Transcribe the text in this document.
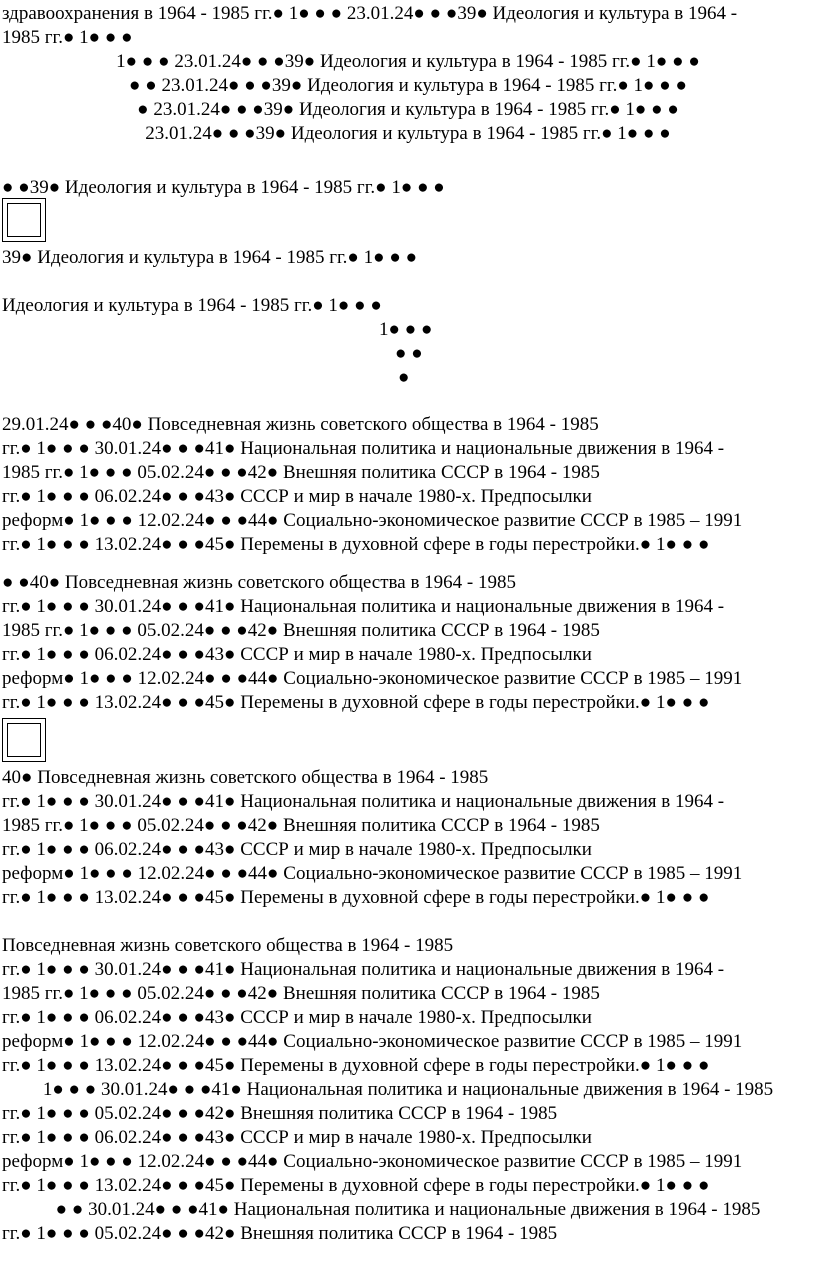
здравоохранения в 1964 - 1985 гг.● 1● ● ● 23.01.24● ● ●39● Идеология и культура в 1964 -
1985 гг.● 1● ● ●
1● ● ● 23.01.24● ● ●39● Идеология и культура в 1964 - 1985 гг.● 1● ● ●
● ● 23.01.24● ● ●39● Идеология и культура в 1964 - 1985 гг.● 1● ● ●
● 23.01.24● ● ●39● Идеология и культура в 1964 - 1985 гг.● 1● ● ●
23.01.24● ● ●39● Идеология и культура в 1964 - 1985 гг.● 1● ● ●
● ●39● Идеология и культура в 1964 - 1985 гг.● 1● ● ●
39● Идеология и культура в 1964 - 1985 гг.● 1● ● ●
Идеология и культура в 1964 - 1985 гг.● 1● ● ●
1● ● ●
● ●
●
29.01.24● ● ●40● Повседневная жизнь советского общества в 1964 - 1985
гг.● 1● ● ● 30.01.24● ● ●41● Национальная политика и национальные движения в 1964 -
1985 гг.● 1● ● ● 05.02.24● ● ●42● Внешняя политика СССР в 1964 - 1985
гг.● 1● ● ● 06.02.24● ● ●43● СССР и мир в начале 1980-х. Предпосылки
реформ● 1● ● ● 12.02.24● ● ●44● Социально-экономическое развитие СССР в 1985 – 1991
гг.● 1● ● ● 13.02.24● ● ●45● Перемены в духовной сфере в годы перестройки.● 1● ● ●
● ●40● Повседневная жизнь советского общества в 1964 - 1985
гг.● 1● ● ● 30.01.24● ● ●41● Национальная политика и национальные движения в 1964 -
1985 гг.● 1● ● ● 05.02.24● ● ●42● Внешняя политика СССР в 1964 - 1985
гг.● 1● ● ● 06.02.24● ● ●43● СССР и мир в начале 1980-х. Предпосылки
реформ● 1● ● ● 12.02.24● ● ●44● Социально-экономическое развитие СССР в 1985 – 1991
гг.● 1● ● ● 13.02.24● ● ●45● Перемены в духовной сфере в годы перестройки.● 1● ● ●
40● Повседневная жизнь советского общества в 1964 - 1985
гг.● 1● ● ● 30.01.24● ● ●41● Национальная политика и национальные движения в 1964 -
1985 гг.● 1● ● ● 05.02.24● ● ●42● Внешняя политика СССР в 1964 - 1985
гг.● 1● ● ● 06.02.24● ● ●43● СССР и мир в начале 1980-х. Предпосылки
реформ● 1● ● ● 12.02.24● ● ●44● Социально-экономическое развитие СССР в 1985 – 1991
гг.● 1● ● ● 13.02.24● ● ●45● Перемены в духовной сфере в годы перестройки.● 1● ● ●
Повседневная жизнь советского общества в 1964 - 1985
гг.● 1● ● ● 30.01.24● ● ●41● Национальная политика и национальные движения в 1964 -
1985 гг.● 1● ● ● 05.02.24● ● ●42● Внешняя политика СССР в 1964 - 1985
гг.● 1● ● ● 06.02.24● ● ●43● СССР и мир в начале 1980-х. Предпосылки
реформ● 1● ● ● 12.02.24● ● ●44● Социально-экономическое развитие СССР в 1985 – 1991
гг.● 1● ● ● 13.02.24● ● ●45● Перемены в духовной сфере в годы перестройки.● 1● ● ●
1● ● ● 30.01.24● ● ●41● Национальная политика и национальные движения в 1964 - 1985
гг.● 1● ● ● 05.02.24● ● ●42● Внешняя политика СССР в 1964 - 1985
гг.● 1● ● ● 06.02.24● ● ●43● СССР и мир в начале 1980-х. Предпосылки
реформ● 1● ● ● 12.02.24● ● ●44● Социально-экономическое развитие СССР в 1985 – 1991
гг.● 1● ● ● 13.02.24● ● ●45● Перемены в духовной сфере в годы перестройки.● 1● ● ●
● ● 30.01.24● ● ●41● Национальная политика и национальные движения в 1964 - 1985
гг.● 1● ● ● 05.02.24● ● ●42● Внешняя политика СССР в 1964 - 1985
